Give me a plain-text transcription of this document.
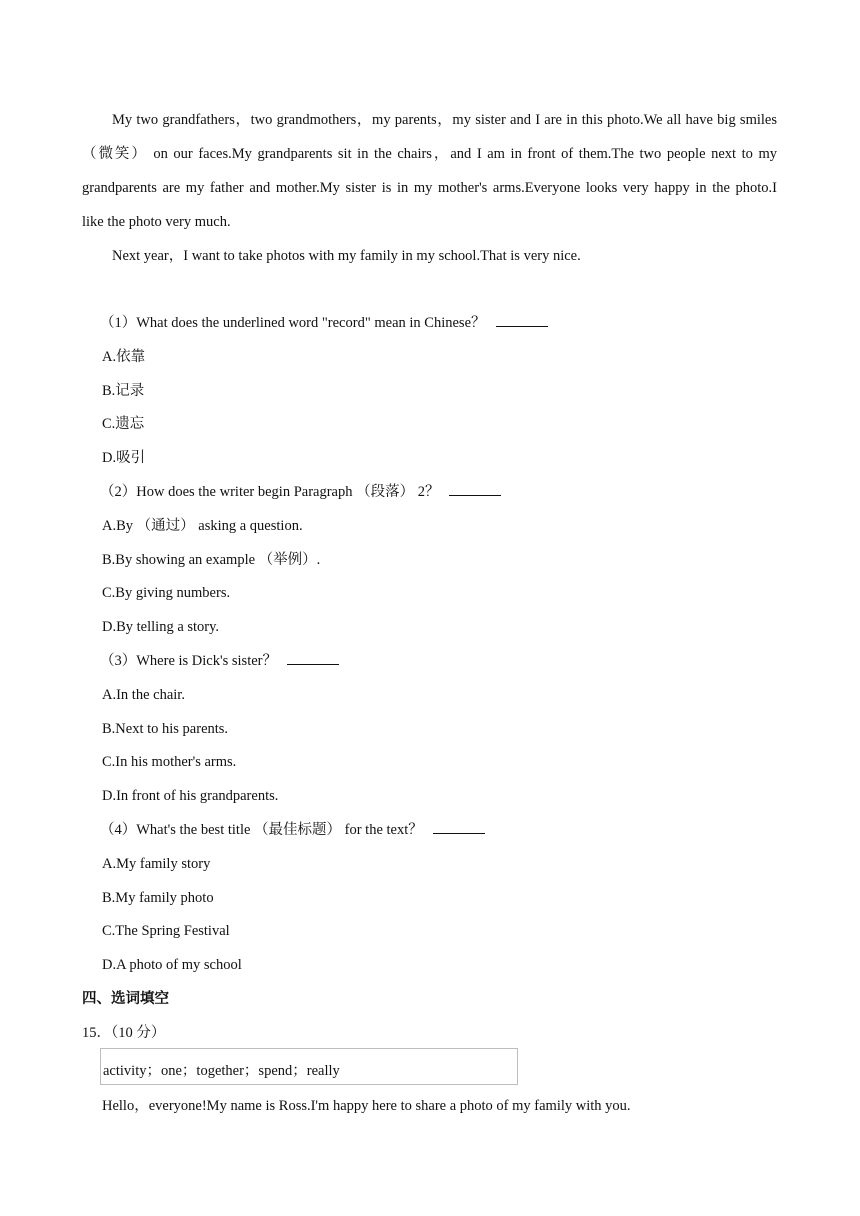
My two grandfathers，two grandmothers，my parents，my sister and I are in this photo.We all have big smiles
（微笑） on our faces.My grandparents sit in the chairs，and I am in front of them.The two people next to my
grandparents are my father and mother.My sister is in my mother's arms.Everyone looks very happy in the photo.I
like the photo very much.
Next year，I want to take photos with my family in my school.That is very nice.
（1）What does the underlined word "record" mean in Chinese？
A.依靠
B.记录
C.遗忘
D.吸引
（2）How does the writer begin Paragraph （段落） 2？
A.By （通过） asking a question.
B.By showing an example （举例）.
C.By giving numbers.
D.By telling a story.
（3）Where is Dick's sister？
A.In the chair.
B.Next to his parents.
C.In his mother's arms.
D.In front of his grandparents.
（4）What's the best title （最佳标题） for the text？
A.My family story
B.My family photo
C.The Spring Festival
D.A photo of my school
四、选词填空
15．（10 分）
activity；one；together；spend；really
Hello，everyone!My name is Ross.I'm happy here to share a photo of my family with you.
